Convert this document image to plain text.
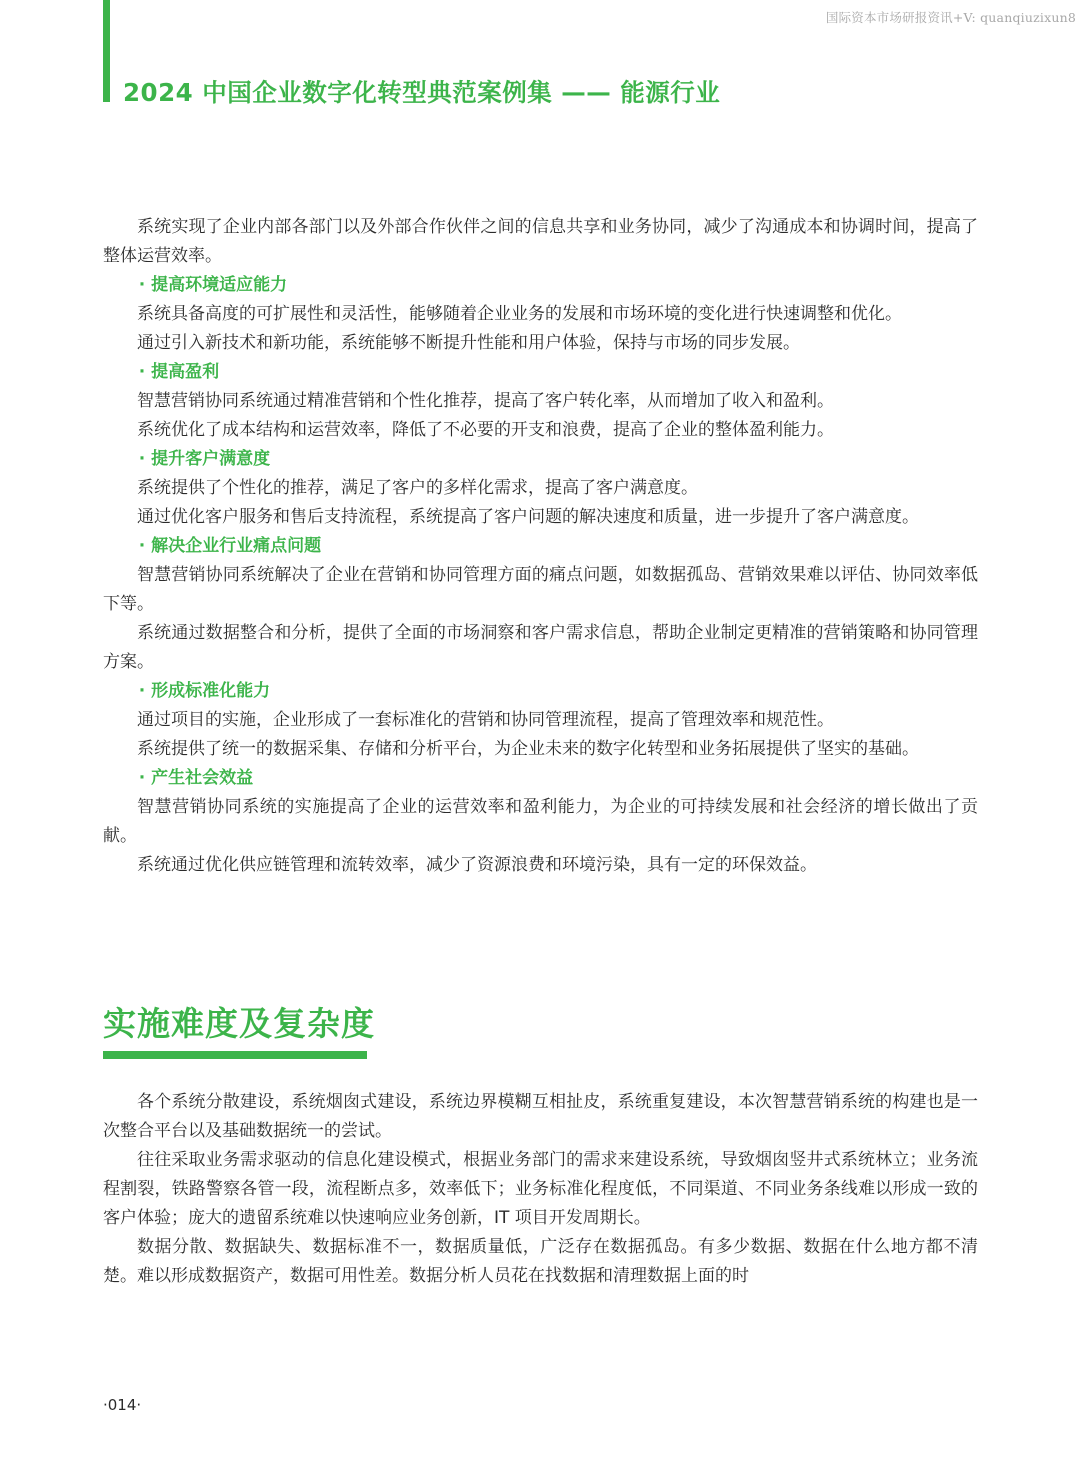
国际资本市场研报资讯+V: quanqiuzixun8
2024 中国企业数字化转型典范案例集 —— 能源行业

系统实现了企业内部各部门以及外部合作伙伴之间的信息共享和业务协同，减少了沟通成本和协调时间，提高了整体运营效率。

· 提高环境适应能力

系统具备高度的可扩展性和灵活性，能够随着企业业务的发展和市场环境的变化进行快速调整和优化。

通过引入新技术和新功能，系统能够不断提升性能和用户体验，保持与市场的同步发展。

· 提高盈利

智慧营销协同系统通过精准营销和个性化推荐，提高了客户转化率，从而增加了收入和盈利。

系统优化了成本结构和运营效率，降低了不必要的开支和浪费，提高了企业的整体盈利能力。

· 提升客户满意度

系统提供了个性化的推荐，满足了客户的多样化需求，提高了客户满意度。

通过优化客户服务和售后支持流程，系统提高了客户问题的解决速度和质量，进一步提升了客户满意度。

· 解决企业行业痛点问题

智慧营销协同系统解决了企业在营销和协同管理方面的痛点问题，如数据孤岛、营销效果难以评估、协同效率低下等。

系统通过数据整合和分析，提供了全面的市场洞察和客户需求信息，帮助企业制定更精准的营销策略和协同管理方案。

· 形成标准化能力

通过项目的实施，企业形成了一套标准化的营销和协同管理流程，提高了管理效率和规范性。

系统提供了统一的数据采集、存储和分析平台，为企业未来的数字化转型和业务拓展提供了坚实的基础。

· 产生社会效益

智慧营销协同系统的实施提高了企业的运营效率和盈利能力，为企业的可持续发展和社会经济的增长做出了贡献。

系统通过优化供应链管理和流转效率，减少了资源浪费和环境污染，具有一定的环保效益。

实施难度及复杂度

各个系统分散建设，系统烟囱式建设，系统边界模糊互相扯皮，系统重复建设，本次智慧营销系统的构建也是一次整合平台以及基础数据统一的尝试。

往往采取业务需求驱动的信息化建设模式，根据业务部门的需求来建设系统，导致烟囱竖井式系统林立；业务流程割裂，铁路警察各管一段，流程断点多，效率低下；业务标准化程度低，不同渠道、不同业务条线难以形成一致的客户体验；庞大的遗留系统难以快速响应业务创新，IT 项目开发周期长。

数据分散、数据缺失、数据标准不一，数据质量低，广泛存在数据孤岛。有多少数据、数据在什么地方都不清楚。难以形成数据资产，数据可用性差。数据分析人员花在找数据和清理数据上面的时

·014·
